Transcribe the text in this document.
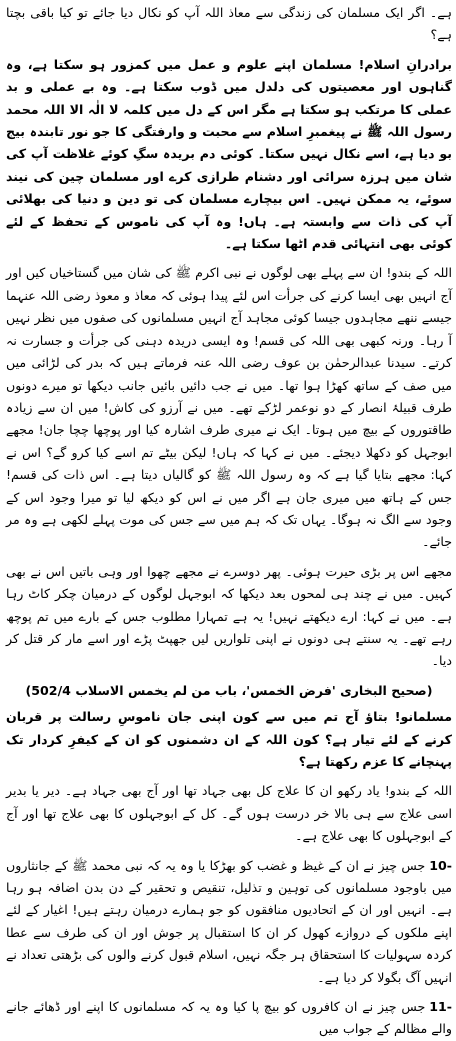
ہے۔ اگر ایک مسلمان کی زندگی سے معاذ اللہ آپ کو نکال دیا جائے تو کیا باقی بچتا ہے؟

برادرانِ اسلام! مسلمان اپنے علوم و عمل میں کمزور ہو سکتا ہے، وہ گناہوں اور معصیتوں کی دلدل میں ڈوب سکتا ہے۔ وہ بے عملی و بد عملی کا مرتکب ہو سکتا ہے مگر اس کے دل میں کلمہ لا الٰہ الا اللہ محمد رسول اللہ ﷺ نے پیغمبرِ اسلام سے محبت و وارفتگی کا جو نور تابندہ بیج بو دیا ہے، اسے نکال نہیں سکتا۔ کوئی دم بریدہ سگِ کوئے غلاظت آپ کی شان میں ہرزہ سرائی اور دشنام طرازی کرے اور مسلمان چین کی نیند سوئے، یہ ممکن نہیں۔ اس بیچارے مسلمان کی تو دین و دنیا کی بھلائی آپ کی ذات سے وابستہ ہے۔ ہاں! وہ آپ کی ناموس کے تحفظ کے لئے کوئی بھی انتہائی قدم اٹھا سکتا ہے۔

اللہ کے بندو! ان سے پہلے بھی لوگوں نے نبی اکرم ﷺ کی شان میں گستاخیاں کیں اور آج انہیں بھی ایسا کرنے کی جرأت اس لئے پیدا ہوئی کہ معاذ و معوذ رضی اللہ عنہما جیسے ننھے مجاہدوں جیسا کوئی مجاہد آج انہیں مسلمانوں کی صفوں میں نظر نہیں آ رہا۔ ورنہ کبھی بھی اللہ کی قسم! وہ ایسی دریدہ دہنی کی جرأت و جسارت نہ کرتے۔ سیدنا عبدالرحمٰن بن عوف رضی اللہ عنہ فرماتے ہیں کہ بدر کی لڑائی میں میں صف کے ساتھ کھڑا ہوا تھا۔ میں نے جب دائیں بائیں جانب دیکھا تو میرے دونوں طرف قبیلۂ انصار کے دو نوعمر لڑکے تھے۔ میں نے آرزو کی کاش! میں ان سے زیادہ طاقتوروں کے بیچ میں ہوتا۔ ایک نے میری طرف اشارہ کیا اور پوچھا چچا جان! مجھے ابوجہل کو دکھلا دیجئے۔ میں نے کہا کہ ہاں! لیکن بیٹے تم اسے کیا کرو گے؟ اس نے کہا: مجھے بتایا گیا ہے کہ وہ رسول اللہ ﷺ کو گالیاں دیتا ہے۔ اس ذات کی قسم! جس کے ہاتھ میں میری جان ہے اگر میں نے اس کو دیکھ لیا تو میرا وجود اس کے وجود سے الگ نہ ہوگا۔ یہاں تک کہ ہم میں سے جس کی موت پہلے لکھی ہے وہ مر جائے۔

مجھے اس پر بڑی حیرت ہوئی۔ پھر دوسرے نے مجھے چھوا اور وہی باتیں اس نے بھی کہیں۔ میں نے چند ہی لمحوں بعد دیکھا کہ ابوجہل لوگوں کے درمیان چکر کاٹ رہا ہے۔ میں نے کہا: ارے دیکھتے نہیں! یہ ہے تمہارا مطلوب جس کے بارے میں تم پوچھ رہے تھے۔ یہ سنتے ہی دونوں نے اپنی تلواریں لیں جھپٹ پڑے اور اسے مار کر قتل کر دیا۔

(صحیح البخاری 'فرض الخمس'، باب من لم یخمس الاسلاب 502/4)

مسلمانو! بتاؤ آج تم میں سے کون اپنی جان ناموسِ رسالت پر قربان کرنے کے لئے تیار ہے؟ کون اللہ کے ان دشمنوں کو ان کے کیفرِ کردار تک پہنچانے کا عزم رکھتا ہے؟

اللہ کے بندو! یاد رکھو ان کا علاج کل بھی جہاد تھا اور آج بھی جہاد ہے۔ دیر یا بدیر اسی علاج سے ہی بالا خر درست ہوں گے۔ کل کے ابوجہلوں کا بھی علاج تھا اور آج کے ابوجہلوں کا بھی علاج ہے۔

10-جس چیز نے ان کے غیظ و غضب کو بھڑکا یا وہ یہ کہ نبی محمد ﷺ کے جانثاروں میں باوجود مسلمانوں کی توہین و تذلیل، تنقیص و تحقیر کے دن بدن اضافہ ہو رہا ہے۔ انہیں اور ان کے اتحادیوں منافقوں کو جو ہمارے درمیان رہتے ہیں! اغیار کے لئے اپنے ملکوں کے دروازے کھول کر ان کا استقبال پر جوش اور ان کی طرف سے عطا کردہ سہولیات کا استحقاق ہر جگہ نہیں، اسلام قبول کرنے والوں کی بڑھتی تعداد نے انہیں آگ بگولا کر دیا ہے۔

11-جس چیز نے ان کافروں کو بیچ پا کیا وہ یہ کہ مسلمانوں کا اپنے اور ڈھائے جانے والے مظالم کے جواب میں
